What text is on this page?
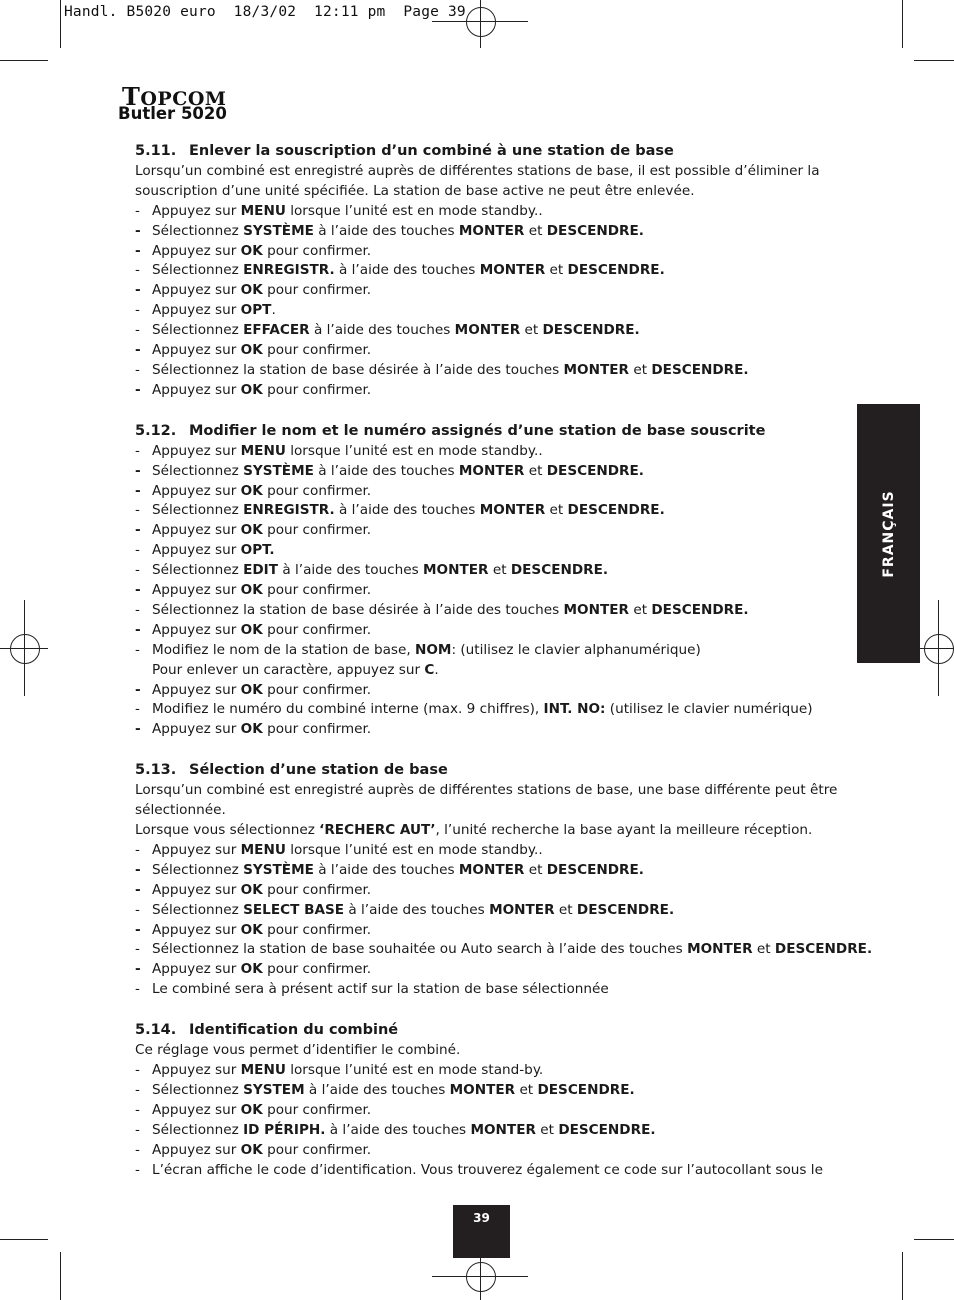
Handl. B5020 euro  18/3/02  12:11 pm  Page 39
TOPCOM
Butler 5020
5.11. Enlever la souscription d’un combiné à une station de base
Lorsqu’un combiné est enregistré auprès de différentes stations de base, il est possible d’éliminer la
souscription d’une unité spécifiée. La station de base active ne peut être enlevée.
- Appuyez sur MENU lorsque l’unité est en mode standby..
- Sélectionnez SYSTÈME à l’aide des touches MONTER et DESCENDRE.
- Appuyez sur OK pour confirmer.
- Sélectionnez ENREGISTR. à l’aide des touches MONTER et DESCENDRE.
- Appuyez sur OK pour confirmer.
- Appuyez sur OPT.
- Sélectionnez EFFACER à l’aide des touches MONTER et DESCENDRE.
- Appuyez sur OK pour confirmer.
- Sélectionnez la station de base désirée à l’aide des touches MONTER et DESCENDRE.
- Appuyez sur OK pour confirmer.
5.12. Modifier le nom et le numéro assignés d’une station de base souscrite
- Appuyez sur MENU lorsque l’unité est en mode standby..
- Sélectionnez SYSTÈME à l’aide des touches MONTER et DESCENDRE.
- Appuyez sur OK pour confirmer.
- Sélectionnez ENREGISTR. à l’aide des touches MONTER et DESCENDRE.
- Appuyez sur OK pour confirmer.
- Appuyez sur OPT.
- Sélectionnez EDIT à l’aide des touches MONTER et DESCENDRE.
- Appuyez sur OK pour confirmer.
- Sélectionnez la station de base désirée à l’aide des touches MONTER et DESCENDRE.
- Appuyez sur OK pour confirmer.
- Modifiez le nom de la station de base, NOM: (utilisez le clavier alphanumérique)
Pour enlever un caractère, appuyez sur C.
- Appuyez sur OK pour confirmer.
- Modifiez le numéro du combiné interne (max. 9 chiffres), INT. NO: (utilisez le clavier numérique)
- Appuyez sur OK pour confirmer.
5.13. Sélection d’une station de base
Lorsqu’un combiné est enregistré auprès de différentes stations de base, une base différente peut être
sélectionnée.
Lorsque vous sélectionnez ‘RECHERC AUT’, l’unité recherche la base ayant la meilleure réception.
- Appuyez sur MENU lorsque l’unité est en mode standby..
- Sélectionnez SYSTÈME à l’aide des touches MONTER et DESCENDRE.
- Appuyez sur OK pour confirmer.
- Sélectionnez SELECT BASE à l’aide des touches MONTER et DESCENDRE.
- Appuyez sur OK pour confirmer.
- Sélectionnez la station de base souhaitée ou Auto search à l’aide des touches MONTER et DESCENDRE.
- Appuyez sur OK pour confirmer.
- Le combiné sera à présent actif sur la station de base sélectionnée
5.14. Identification du combiné
Ce réglage vous permet d’identifier le combiné.
- Appuyez sur MENU lorsque l’unité est en mode stand-by.
- Sélectionnez SYSTEM à l’aide des touches MONTER et DESCENDRE.
- Appuyez sur OK pour confirmer.
- Sélectionnez ID PÉRIPH. à l’aide des touches MONTER et DESCENDRE.
- Appuyez sur OK pour confirmer.
- L’écran affiche le code d’identification. Vous trouverez également ce code sur l’autocollant sous le
FRANÇAIS
39
